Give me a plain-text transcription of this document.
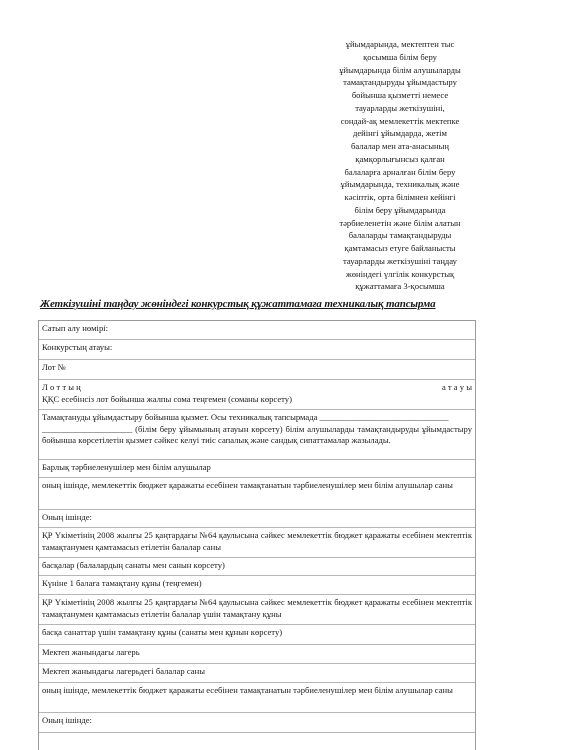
ұйымдарында, мектептен тыс
қосымша білім беру
ұйымдарында білім алушыларды
тамақтандыруды ұйымдастыру
бойынша қызметті немесе
тауарларды жеткізушіні,
сондай-ақ мемлекеттік мектепке
дейінгі ұйымдарда, жетім
балалар мен ата-анасының
қамқорлығынсыз қалған
балаларға арналған білім беру
ұйымдарында, техникалық және
кәсіптік, орта білімнен кейінгі
білім беру ұйымдарында
тәрбиеленетін және білім алатын
балаларды тамақтандыруды
қамтамасыз етуге байланысты
тауарларды жеткізушіні таңдау
жөніндегі үлгілік конкурстық
құжаттамаға 3-қосымша
Жеткізушіні таңдау жөніндегі конкурстық құжаттамаға техникалық тапсырма
Сатып алу нөмірі:
Конкурстың атауы:
Лот №
Л о т т ы ң	а т а у ы
ҚҚС есебінсіз лот бойынша жалпы сома теңгемен (соманы көрсету)
Тамақтануды ұйымдастыру бойынша қызмет. Осы техникалық тапсырмада ______________________________
_____________________ (білім беру ұйымының атауын көрсету) білім алушыларды тамақтандыруды ұйымдастыру бойынша көрсетілетін қызмет сәйкес келуі тиіс сапалық және сандық сипаттамалар жазылады.
Барлық тәрбиеленушілер мен білім алушылар
оның ішінде, мемлекеттік бюджет қаражаты есебінен тамақтанатын тәрбиеленушілер мен білім алушылар саны
Оның ішінде:
ҚР Үкіметінің 2008 жылғы 25 қаңтардағы №64 қаулысына сәйкес мемлекеттік бюджет қаражаты есебінен мектептік тамақтанумен қамтамасыз етілетін балалар саны
басқалар (балалардың санаты мен санын көрсету)
Күніне 1 балаға тамақтану құны (теңгемен)
ҚР Үкіметінің 2008 жылғы 25 қаңтардағы №64 қаулысына сәйкес мемлекеттік бюджет қаражаты есебінен мектептік тамақтанумен қамтамасыз етілетін балалар үшін тамақтану құны
басқа санаттар үшін тамақтану құны (санаты мен құнын көрсету)
Мектеп жанындағы лагерь
Мектеп жанындағы лагерьдегі балалар саны
оның ішінде, мемлекеттік бюджет қаражаты есебінен тамақтанатын тәрбиеленушілер мен білім алушылар саны
Оның ішінде:
